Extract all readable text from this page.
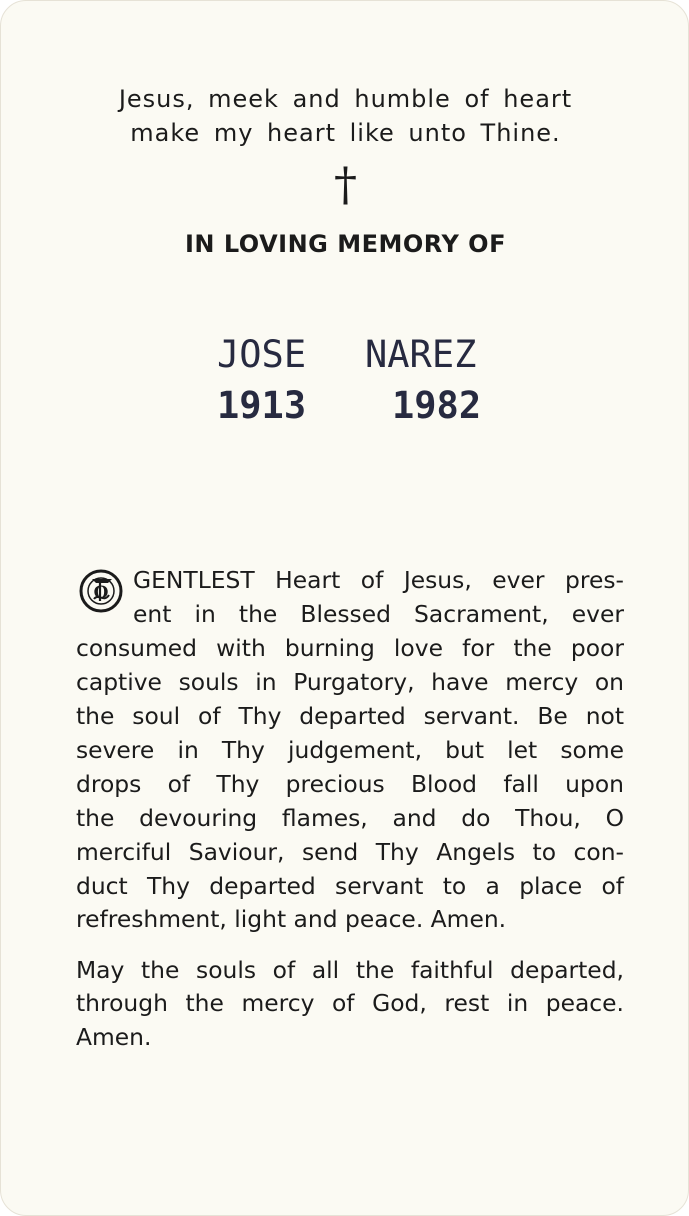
Jesus, meek and humble of heart
make my heart like unto Thine.
†
IN LOVING MEMORY OF
JOSE NAREZ
1913 1982
O GENTLEST Heart of Jesus, ever pres-
ent in the Blessed Sacrament, ever
consumed with burning love for the poor
captive souls in Purgatory, have mercy on
the soul of Thy departed servant. Be not
severe in Thy judgement, but let some
drops of Thy precious Blood fall upon
the devouring flames, and do Thou, O
merciful Saviour, send Thy Angels to con-
duct Thy departed servant to a place of
refreshment, light and peace. Amen.
May the souls of all the faithful departed,
through the mercy of God, rest in peace.
Amen.
